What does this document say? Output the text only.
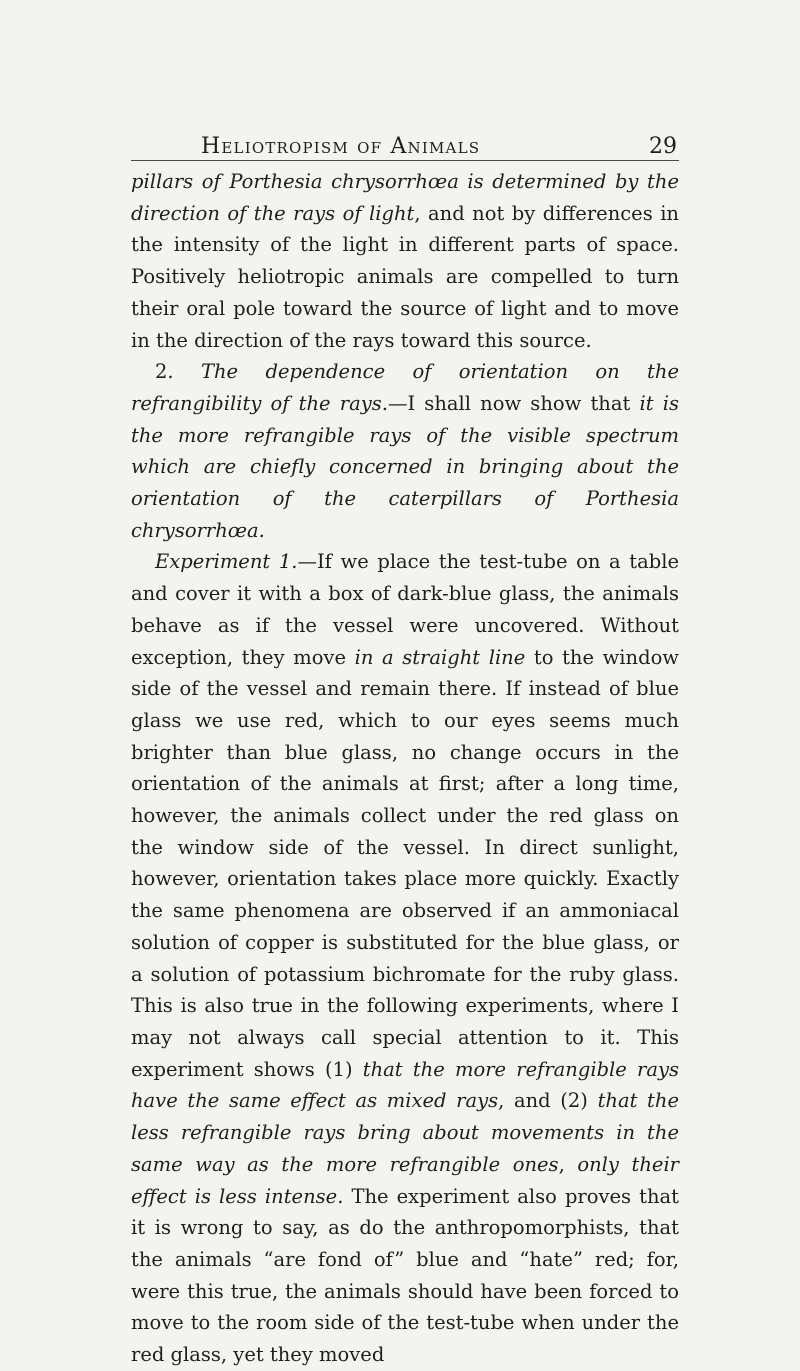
Heliotropism of Animals	29

pillars of Porthesia chrysorrhœa is determined by the direction of the rays of light, and not by differences in the intensity of the light in different parts of space. Positively heliotropic animals are compelled to turn their oral pole toward the source of light and to move in the direction of the rays toward this source.

2. The dependence of orientation on the refrangibility of the rays.—I shall now show that it is the more refrangible rays of the visible spectrum which are chiefly concerned in bringing about the orientation of the caterpillars of Porthesia chrysorrhœa.

Experiment 1.—If we place the test-tube on a table and cover it with a box of dark-blue glass, the animals behave as if the vessel were uncovered. Without exception, they move in a straight line to the window side of the vessel and remain there. If instead of blue glass we use red, which to our eyes seems much brighter than blue glass, no change occurs in the orientation of the animals at first; after a long time, however, the animals collect under the red glass on the window side of the vessel. In direct sunlight, however, orientation takes place more quickly. Exactly the same phenomena are observed if an ammoniacal solution of copper is substituted for the blue glass, or a solution of potassium bichromate for the ruby glass. This is also true in the following experiments, where I may not always call special attention to it. This experiment shows (1) that the more refrangible rays have the same effect as mixed rays, and (2) that the less refrangible rays bring about movements in the same way as the more refrangible ones, only their effect is less intense. The experiment also proves that it is wrong to say, as do the anthropomorphists, that the animals “are fond of” blue and “hate” red; for, were this true, the animals should have been forced to move to the room side of the test-tube when under the red glass, yet they moved
